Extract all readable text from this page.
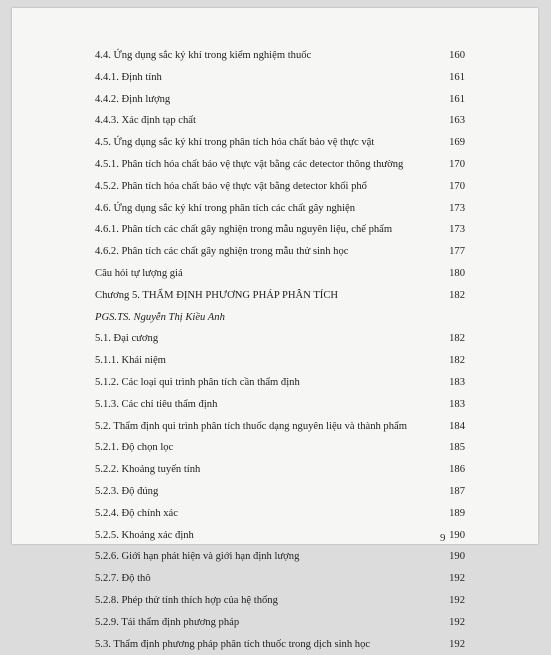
4.4. Ứng dụng sắc ký khí trong kiểm nghiệm thuốc	160
4.4.1. Định tính	161
4.4.2. Định lượng	161
4.4.3. Xác định tạp chất	163
4.5. Ứng dụng sắc ký khí trong phân tích hóa chất bảo vệ thực vật	169
4.5.1. Phân tích hóa chất bảo vệ thực vật bằng các detector thông thường	170
4.5.2. Phân tích hóa chất bảo vệ thực vật bằng detector khối phổ	170
4.6. Ứng dụng sắc ký khí trong phân tích các chất gây nghiện	173
4.6.1. Phân tích các chất gây nghiện trong mẫu nguyên liệu, chế phẩm	173
4.6.2. Phân tích các chất gây nghiện trong mẫu thử sinh học	177
Câu hỏi tự lượng giá	180
Chương 5. THẨM ĐỊNH PHƯƠNG PHÁP PHÂN TÍCH	182
PGS.TS. Nguyễn Thị Kiều Anh
5.1. Đại cương	182
5.1.1. Khái niệm	182
5.1.2. Các loại qui trình phân tích cần thẩm định	183
5.1.3. Các chỉ tiêu thẩm định	183
5.2. Thẩm định qui trình phân tích thuốc dạng nguyên liệu và thành phẩm	184
5.2.1. Độ chọn lọc	185
5.2.2. Khoảng tuyến tính	186
5.2.3. Độ đúng	187
5.2.4. Độ chính xác	189
5.2.5. Khoảng xác định	190
5.2.6. Giới hạn phát hiện và giới hạn định lượng	190
5.2.7. Độ thô	192
5.2.8. Phép thử tính thích hợp của hệ thống	192
5.2.9. Tái thẩm định phương pháp	192
5.3. Thẩm định phương pháp phân tích thuốc trong dịch sinh học	192
9
